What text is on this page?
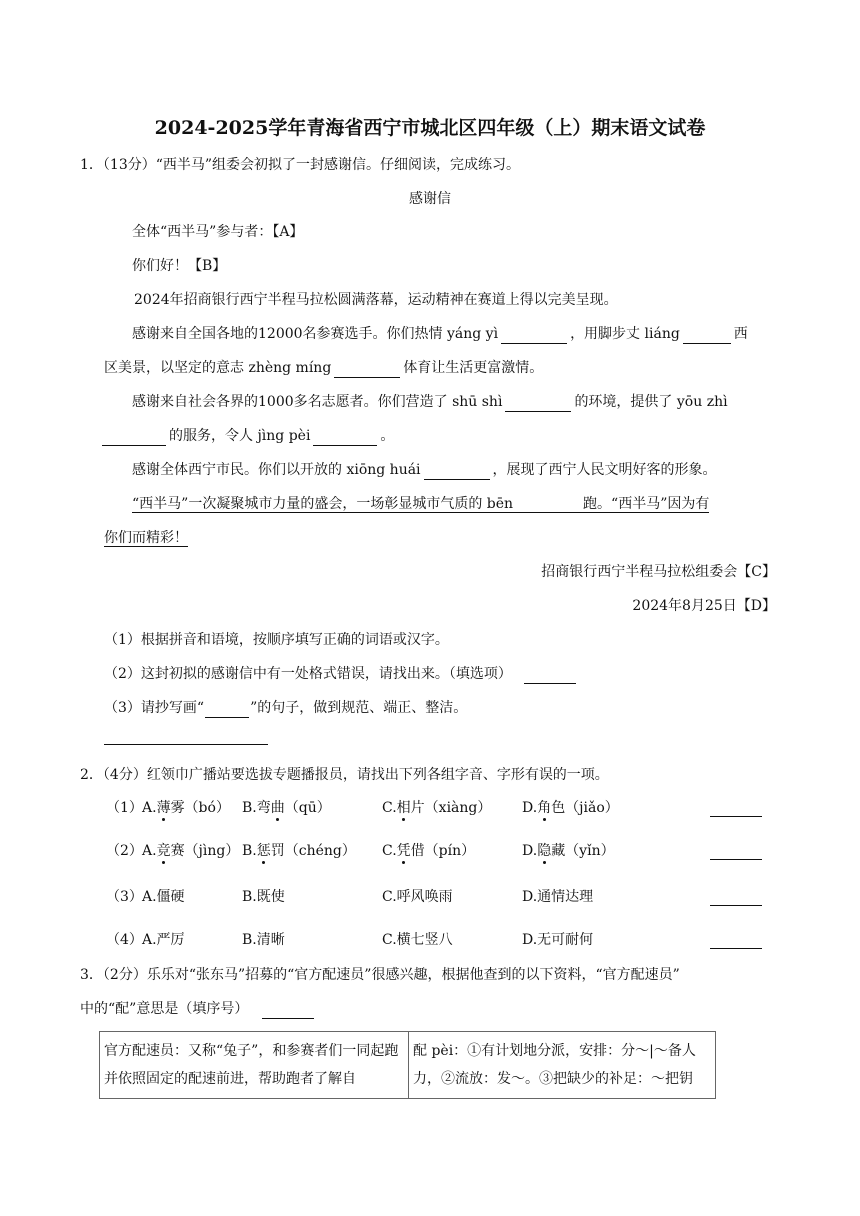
2024-2025学年青海省西宁市城北区四年级（上）期末语文试卷
1．（13分）“西半马”组委会初拟了一封感谢信。仔细阅读，完成练习。
感谢信
全体“西半马”参与者：【A】
你们好！【B】
2024年招商银行西宁半程马拉松圆满落幕，运动精神在赛道上得以完美呈现。
感谢来自全国各地的12000名参赛选手。你们热情 yáng yì	，用脚步丈 liáng	西
区美景，以坚定的意志 zhèng míng	体育让生活更富激情。
感谢来自社会各界的1000多名志愿者。你们营造了 shū shì	的环境，提供了 yōu zhì
的服务，令人 jìng pèi	。
感谢全体西宁市民。你们以开放的 xiōng huái	，展现了西宁人民文明好客的形象。
“西半马”一次凝聚城市力量的盛会，一场彰显城市气质的 bēn	跑。“西半马”因为有
你们而精彩！
招商银行西宁半程马拉松组委会【C】
2024年8月25日【D】
（1）根据拼音和语境，按顺序填写正确的词语或汉字。
（2）这封初拟的感谢信中有一处格式错误，请找出来。（填选项）
（3）请抄写画“	”的句子，做到规范、端正、整洁。
2．（4分）红领巾广播站要选拔专题播报员，请找出下列各组字音、字形有误的一项。
（1） A.薄雾（bó） B.弯曲（qū）	C.相片（xiàng） D.角色（jiǎo）
（2） A.竞赛（jìng） B.惩罚（chéng） C.凭借（pín）	D.隐藏（yǐn）
（3） A.僵硬	B.既使	C.呼风唤雨	D.通情达理
（4） A.严厉	B.清晰	C.横七竖八	D.无可耐何
3．（2分）乐乐对“张东马”招募的“官方配速员”很感兴趣，根据他查到的以下资料，“官方配速员”
中的“配”意思是（填序号）
官方配速员：又称“兔子”，和参赛者们一同起跑并依照固定的配速前进，帮助跑者了解自	配 pèi：①有计划地分派，安排：分～|～备人力，②流放：发～。③把缺少的补足：～把钥
